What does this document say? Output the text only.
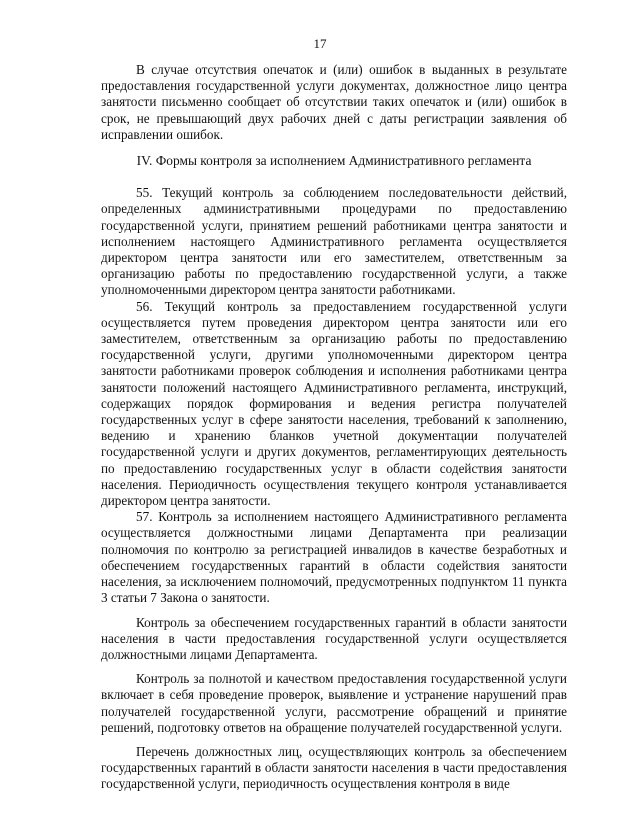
17

В случае отсутствия опечаток и (или) ошибок в выданных в результате предоставления государственной услуги документах, должностное лицо центра занятости письменно сообщает об отсутствии таких опечаток и (или) ошибок в срок, не превышающий двух рабочих дней с даты регистрации заявления об исправлении ошибок.

IV. Формы контроля за исполнением Административного регламента

55. Текущий контроль за соблюдением последовательности действий, определенных административными процедурами по предоставлению государственной услуги, принятием решений работниками центра занятости и исполнением настоящего Административного регламента осуществляется директором центра занятости или его заместителем, ответственным за организацию работы по предоставлению государственной услуги, а также уполномоченными директором центра занятости работниками.

56. Текущий контроль за предоставлением государственной услуги осуществляется путем проведения директором центра занятости или его заместителем, ответственным за организацию работы по предоставлению государственной услуги, другими уполномоченными директором центра занятости работниками проверок соблюдения и исполнения работниками центра занятости положений настоящего Административного регламента, инструкций, содержащих порядок формирования и ведения регистра получателей государственных услуг в сфере занятости населения, требований к заполнению, ведению и хранению бланков учетной документации получателей государственной услуги и других документов, регламентирующих деятельность по предоставлению государственных услуг в области содействия занятости населения. Периодичность осуществления текущего контроля устанавливается директором центра занятости.

57. Контроль за исполнением настоящего Административного регламента осуществляется должностными лицами Департамента при реализации полномочия по контролю за регистрацией инвалидов в качестве безработных и обеспечением государственных гарантий в области содействия занятости населения, за исключением полномочий, предусмотренных подпунктом 11 пункта 3 статьи 7 Закона о занятости.

Контроль за обеспечением государственных гарантий в области занятости населения в части предоставления государственной услуги осуществляется должностными лицами Департамента.

Контроль за полнотой и качеством предоставления государственной услуги включает в себя проведение проверок, выявление и устранение нарушений прав получателей государственной услуги, рассмотрение обращений и принятие решений, подготовку ответов на обращение получателей государственной услуги.

Перечень должностных лиц, осуществляющих контроль за обеспечением государственных гарантий в области занятости населения в части предоставления государственной услуги, периодичность осуществления контроля в виде
